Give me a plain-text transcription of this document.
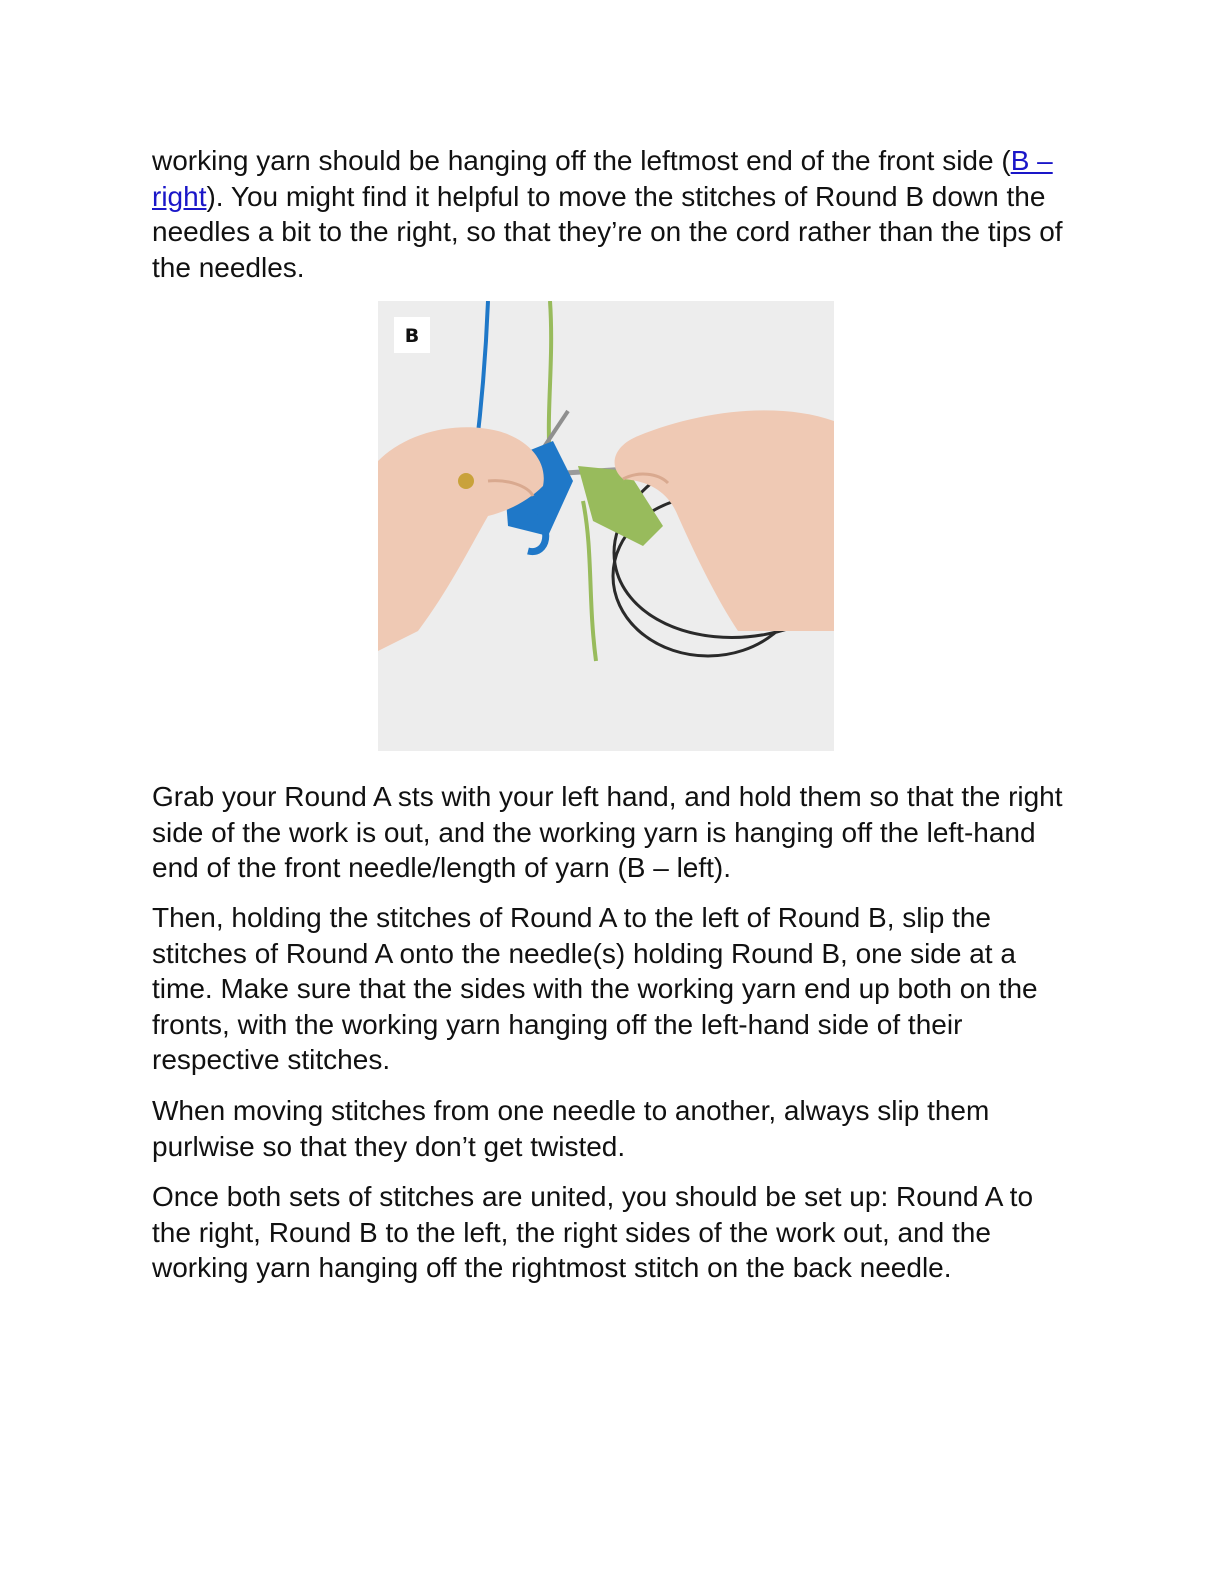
working yarn should be hanging off the leftmost end of the front side (B – right). You might find it helpful to move the stitches of Round B down the needles a bit to the right, so that they’re on the cord rather than the tips of the needles.

B

Grab your Round A sts with your left hand, and hold them so that the right side of the work is out, and the working yarn is hanging off the left-hand end of the front needle/length of yarn (B – left).

Then, holding the stitches of Round A to the left of Round B, slip the stitches of Round A onto the needle(s) holding Round B, one side at a time. Make sure that the sides with the working yarn end up both on the fronts, with the working yarn hanging off the left-hand side of their respective stitches.

When moving stitches from one needle to another, always slip them purlwise so that they don’t get twisted.

Once both sets of stitches are united, you should be set up: Round A to the right, Round B to the left, the right sides of the work out, and the working yarn hanging off the rightmost stitch on the back needle.
